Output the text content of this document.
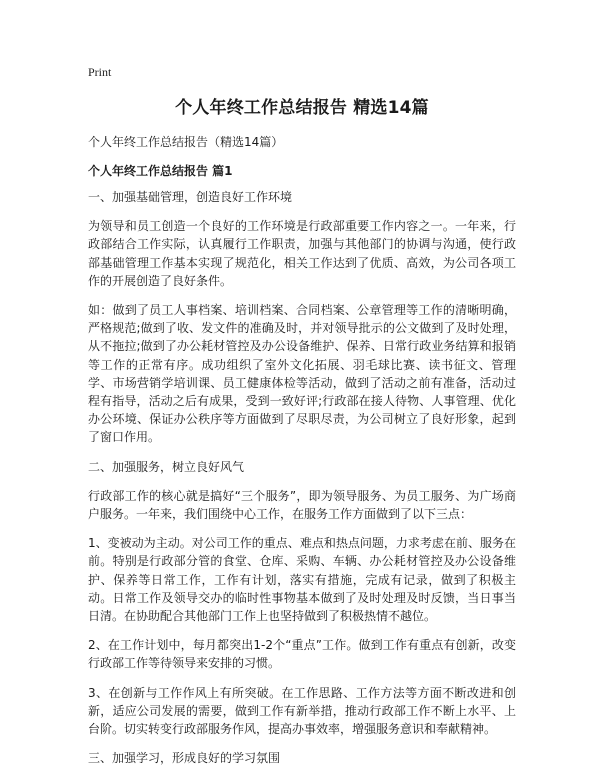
Print
个人年终工作总结报告 精选14篇
个人年终工作总结报告（精选14篇）
个人年终工作总结报告 篇1
一、加强基础管理，创造良好工作环境
为领导和员工创造一个良好的工作环境是行政部重要工作内容之一。一年来，行政部结合工作实际，认真履行工作职责，加强与其他部门的协调与沟通，使行政部基础管理工作基本实现了规范化，相关工作达到了优质、高效，为公司各项工作的开展创造了良好条件。
如：做到了员工人事档案、培训档案、合同档案、公章管理等工作的清晰明确，严格规范;做到了收、发文件的准确及时，并对领导批示的公文做到了及时处理，从不拖拉;做到了办公耗材管控及办公设备维护、保养、日常行政业务结算和报销等工作的正常有序。成功组织了室外文化拓展、羽毛球比赛、读书征文、管理学、市场营销学培训课、员工健康体检等活动，做到了活动之前有准备，活动过程有指导，活动之后有成果，受到一致好评;行政部在接人待物、人事管理、优化办公环境、保证办公秩序等方面做到了尽职尽责，为公司树立了良好形象，起到了窗口作用。
二、加强服务，树立良好风气
行政部工作的核心就是搞好“三个服务”，即为领导服务、为员工服务、为广场商户服务。一年来，我们围绕中心工作，在服务工作方面做到了以下三点：
1、变被动为主动。对公司工作的重点、难点和热点问题，力求考虑在前、服务在前。特别是行政部分管的食堂、仓库、采购、车辆、办公耗材管控及办公设备维护、保养等日常工作，工作有计划，落实有措施，完成有记录，做到了积极主动。日常工作及领导交办的临时性事物基本做到了及时处理及时反馈，当日事当日清。在协助配合其他部门工作上也坚持做到了积极热情不越位。
2、在工作计划中，每月都突出1-2个“重点”工作。做到工作有重点有创新，改变行政部工作等待领导来安排的习惯。
3、在创新与工作作风上有所突破。在工作思路、工作方法等方面不断改进和创新，适应公司发展的需要，做到工作有新举措，推动行政部工作不断上水平、上台阶。切实转变行政部服务作风，提高办事效率，增强服务意识和奉献精神。
三、加强学习，形成良好的学习氛围
